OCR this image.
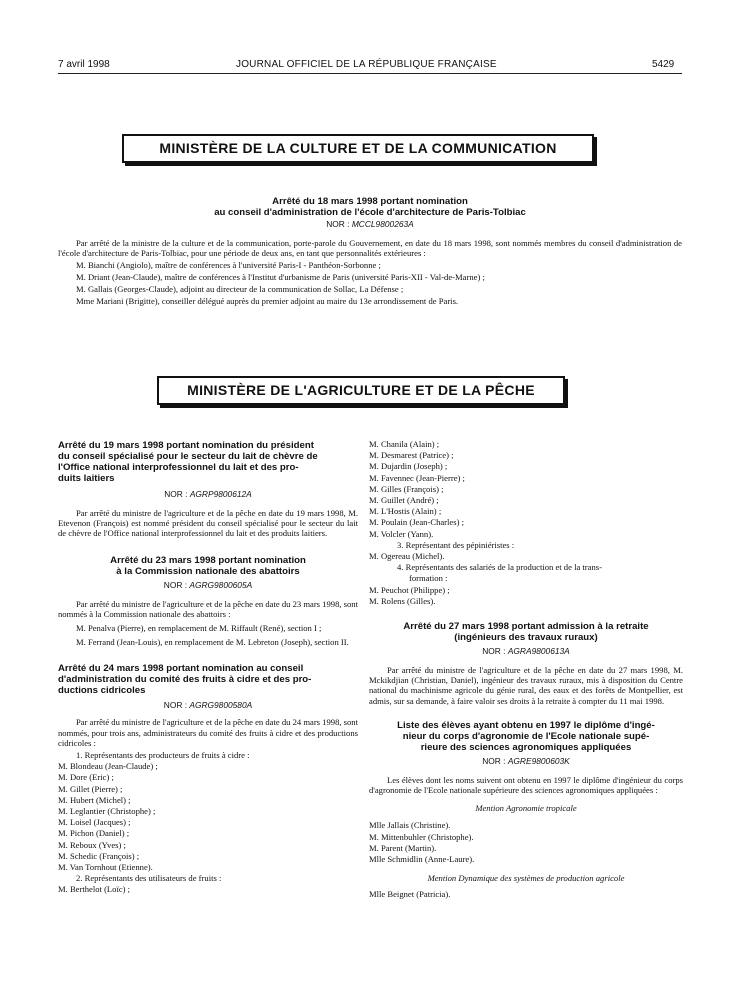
7 avril 1998	JOURNAL OFFICIEL DE LA RÉPUBLIQUE FRANÇAISE	5429
MINISTÈRE DE LA CULTURE ET DE LA COMMUNICATION
Arrêté du 18 mars 1998 portant nomination
au conseil d'administration de l'école d'architecture de Paris-Tolbiac
NOR : MCCL9800263A
Par arrêté de la ministre de la culture et de la communication, porte-parole du Gouvernement, en date du 18 mars 1998, sont nommés membres du conseil d'administration de l'école d'architecture de Paris-Tolbiac, pour une période de deux ans, en tant que personnalités extérieures :
M. Bianchi (Angiolo), maître de conférences à l'université Paris-I - Panthéon-Sorbonne ;
M. Driant (Jean-Claude), maître de conférences à l'Institut d'urbanisme de Paris (université Paris-XII - Val-de-Marne) ;
M. Gallais (Georges-Claude), adjoint au directeur de la communication de Sollac, La Défense ;
Mme Mariani (Brigitte), conseiller délégué auprès du premier adjoint au maire du 13e arrondissement de Paris.
MINISTÈRE DE L'AGRICULTURE ET DE LA PÊCHE
Arrêté du 19 mars 1998 portant nomination du président
du conseil spécialisé pour le secteur du lait de chèvre de
l'Office national interprofessionnel du lait et des pro-
duits laitiers
NOR : AGRP9800612A
Par arrêté du ministre de l'agriculture et de la pêche en date du 19 mars 1998, M. Etevenon (François) est nommé président du conseil spécialisé pour le secteur du lait de chèvre de l'Office national interprofessionnel du lait et des produits laitiers.
Arrêté du 23 mars 1998 portant nomination
à la Commission nationale des abattoirs
NOR : AGRG9800605A
Par arrêté du ministre de l'agriculture et de la pêche en date du 23 mars 1998, sont nommés à la Commission nationale des abattoirs :
M. Penalva (Pierre), en remplacement de M. Riffault (René), section I ;
M. Ferrand (Jean-Louis), en remplacement de M. Lebreton (Joseph), section II.
Arrêté du 24 mars 1998 portant nomination au conseil
d'administration du comité des fruits à cidre et des pro-
ductions cidricoles
NOR : AGRG9800580A
Par arrêté du ministre de l'agriculture et de la pêche en date du 24 mars 1998, sont nommés, pour trois ans, administrateurs du comité des fruits à cidre et des productions cidricoles :
1. Représentants des producteurs de fruits à cidre :
M. Blondeau (Jean-Claude) ;
M. Dore (Eric) ;
M. Gillet (Pierre) ;
M. Hubert (Michel) ;
M. Leglantier (Christophe) ;
M. Loisel (Jacques) ;
M. Pichon (Daniel) ;
M. Reboux (Yves) ;
M. Schedic (François) ;
M. Van Tornhout (Etienne).
2. Représentants des utilisateurs de fruits :
M. Berthelot (Loïc) ;
M. Chanila (Alain) ;
M. Desmarest (Patrice) ;
M. Dujardin (Joseph) ;
M. Favennec (Jean-Pierre) ;
M. Gilles (François) ;
M. Guillet (André) ;
M. L'Hostis (Alain) ;
M. Poulain (Jean-Charles) ;
M. Volcler (Yann).
3. Représentant des pépiniéristes :
M. Ogereau (Michel).
4. Représentants des salariés de la production et de la trans-
formation :
M. Peuchot (Philippe) ;
M. Rolens (Gilles).
Arrêté du 27 mars 1998 portant admission à la retraite
(ingénieurs des travaux ruraux)
NOR : AGRA9800613A
Par arrêté du ministre de l'agriculture et de la pêche en date du 27 mars 1998, M. Mckikdjian (Christian, Daniel), ingénieur des travaux ruraux, mis à disposition du Centre national du machinisme agricole du génie rural, des eaux et des forêts de Montpellier, est admis, sur sa demande, à faire valoir ses droits à la retraite à compter du 11 mai 1998.
Liste des élèves ayant obtenu en 1997 le diplôme d'ingé-
nieur du corps d'agronomie de l'Ecole nationale supé-
rieure des sciences agronomiques appliquées
NOR : AGRE9800603K
Les élèves dont les noms suivent ont obtenu en 1997 le diplôme d'ingénieur du corps d'agronomie de l'Ecole nationale supérieure des sciences agronomiques appliquées :
Mention Agronomie tropicale
Mlle Jallais (Christine).
M. Mittenbuhler (Christophe).
M. Parent (Martin).
Mlle Schmidlin (Anne-Laure).
Mention Dynamique des systèmes de production agricole
Mlle Beignet (Patricia).
